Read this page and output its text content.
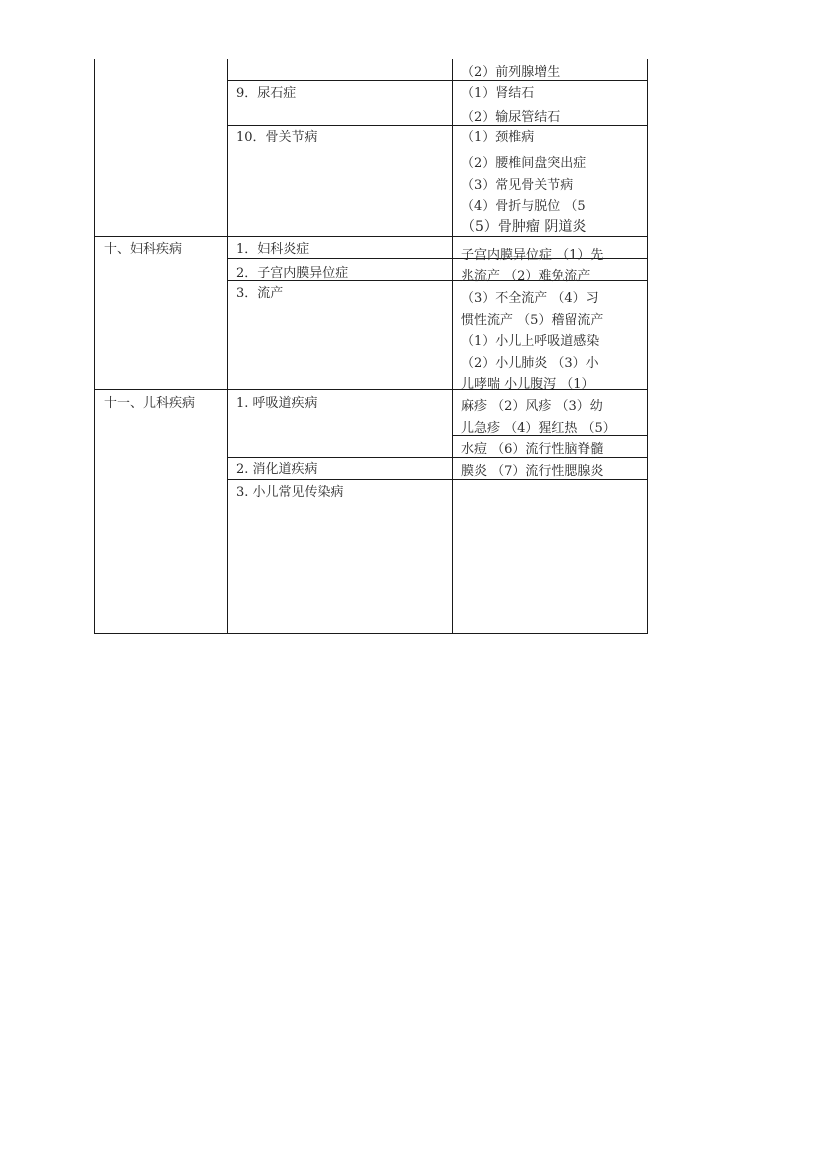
十、妇科疾病
十一、儿科疾病
9．尿石症
10．骨关节病
1．妇科炎症
2．子宫内膜异位症
3．流产
1. 呼吸道疾病
2. 消化道疾病
3. 小儿常见传染病
（2）前列腺增生
（1）肾结石
（2）输尿管结石
（1）颈椎病
（2）腰椎间盘突出症
（3）常见骨关节病
（4）骨折与脱位 （5
（5）骨肿瘤 阴道炎
子宫内膜异位症 （1）先
兆流产 （2）难免流产
（3）不全流产 （4）习
惯性流产 （5）稽留流产
（1）小儿上呼吸道感染
（2）小儿肺炎 （3）小
儿哮喘 小儿腹泻 （1）
麻疹 （2）风疹 （3）幼
儿急疹 （4）猩红热 （5）
水痘 （6）流行性脑脊髓
膜炎 （7）流行性腮腺炎
